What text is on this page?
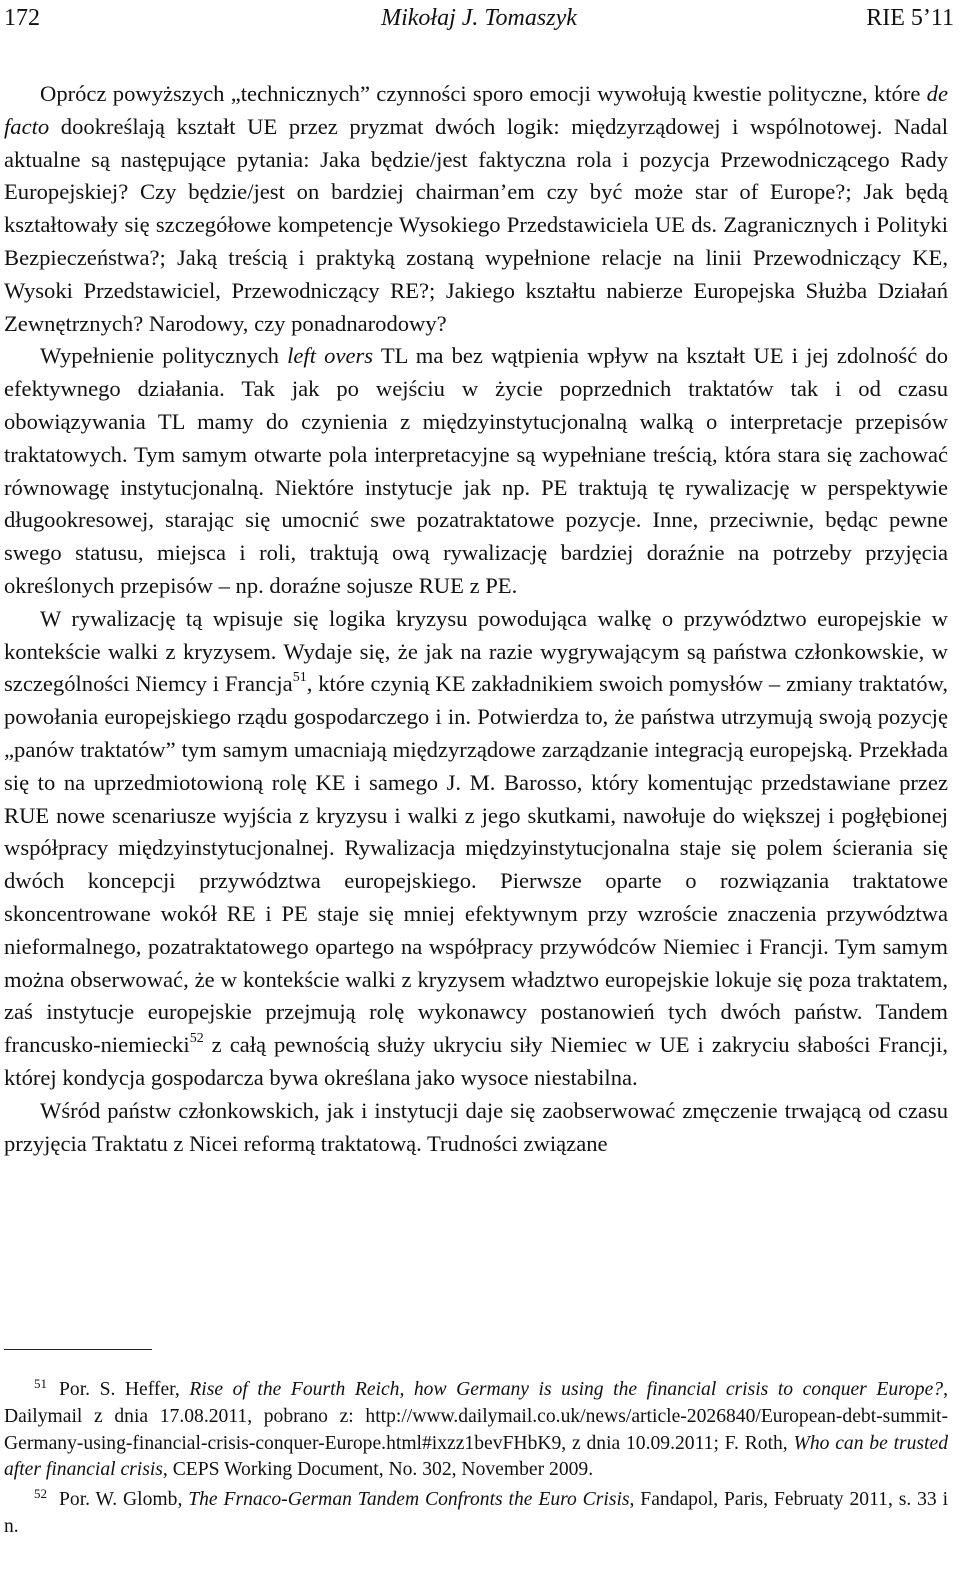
172	Mikołaj J. Tomaszyk	RIE 5’11

Oprócz powyższych „technicznych” czynności sporo emocji wywołują kwestie polityczne, które de facto dookreślają kształt UE przez pryzmat dwóch logik: międzyrządowej i wspólnotowej. Nadal aktualne są następujące pytania: Jaka będzie/jest faktyczna rola i pozycja Przewodniczącego Rady Europejskiej? Czy będzie/jest on bardziej chairman’em czy być może star of Europe?; Jak będą kształtowały się szczegółowe kompetencje Wysokiego Przedstawiciela UE ds. Zagranicznych i Polityki Bezpieczeństwa?; Jaką treścią i praktyką zostaną wypełnione relacje na linii Przewodniczący KE, Wysoki Przedstawiciel, Przewodniczący RE?; Jakiego kształtu nabierze Europejska Służba Działań Zewnętrznych? Narodowy, czy ponadnarodowy?

Wypełnienie politycznych left overs TL ma bez wątpienia wpływ na kształt UE i jej zdolność do efektywnego działania. Tak jak po wejściu w życie poprzednich traktatów tak i od czasu obowiązywania TL mamy do czynienia z międzyinstytucjonalną walką o interpretacje przepisów traktatowych. Tym samym otwarte pola interpretacyjne są wypełniane treścią, która stara się zachować równowagę instytucjonalną. Niektóre instytucje jak np. PE traktują tę rywalizację w perspektywie długookresowej, starając się umocnić swe pozatraktatowe pozycje. Inne, przeciwnie, będąc pewne swego statusu, miejsca i roli, traktują ową rywalizację bardziej doraźnie na potrzeby przyjęcia określonych przepisów – np. doraźne sojusze RUE z PE.

W rywalizację tą wpisuje się logika kryzysu powodująca walkę o przywództwo europejskie w kontekście walki z kryzysem. Wydaje się, że jak na razie wygrywającym są państwa członkowskie, w szczególności Niemcy i Francja$^{51}$, które czynią KE zakładnikiem swoich pomysłów – zmiany traktatów, powołania europejskiego rządu gospodarczego i in. Potwierdza to, że państwa utrzymują swoją pozycję „panów traktatów” tym samym umacniają międzyrządowe zarządzanie integracją europejską. Przekłada się to na uprzedmiotowioną rolę KE i samego J. M. Barosso, który komentując przedstawiane przez RUE nowe scenariusze wyjścia z kryzysu i walki z jego skutkami, nawołuje do większej i pogłębionej współpracy międzyinstytucjonalnej. Rywalizacja międzyinstytucjonalna staje się polem ścierania się dwóch koncepcji przywództwa europejskiego. Pierwsze oparte o rozwiązania traktatowe skoncentrowane wokół RE i PE staje się mniej efektywnym przy wzroście znaczenia przywództwa nieformalnego, pozatraktatowego opartego na współpracy przywódców Niemiec i Francji. Tym samym można obserwować, że w kontekście walki z kryzysem władztwo europejskie lokuje się poza traktatem, zaś instytucje europejskie przejmują rolę wykonawcy postanowień tych dwóch państw. Tandem francusko-niemiecki$^{52}$ z całą pewnością służy ukryciu siły Niemiec w UE i zakryciu słabości Francji, której kondycja gospodarcza bywa określana jako wysoce niestabilna.

Wśród państw członkowskich, jak i instytucji daje się zaobserwować zmęczenie trwającą od czasu przyjęcia Traktatu z Nicei reformą traktatową. Trudności związane

$^{51}$ Por. S. Heffer, Rise of the Fourth Reich, how Germany is using the financial crisis to conquer Europe?, Dailymail z dnia 17.08.2011, pobrano z: http://www.dailymail.co.uk/news/article-2026840/European-debt-summit-Germany-using-financial-crisis-conquer-Europe.html#ixzz1bevFHbK9, z dnia 10.09.2011; F. Roth, Who can be trusted after financial crisis, CEPS Working Document, No. 302, November 2009.

$^{52}$ Por. W. Glomb, The Frnaco-German Tandem Confronts the Euro Crisis, Fandapol, Paris, Februaty 2011, s. 33 i n.
